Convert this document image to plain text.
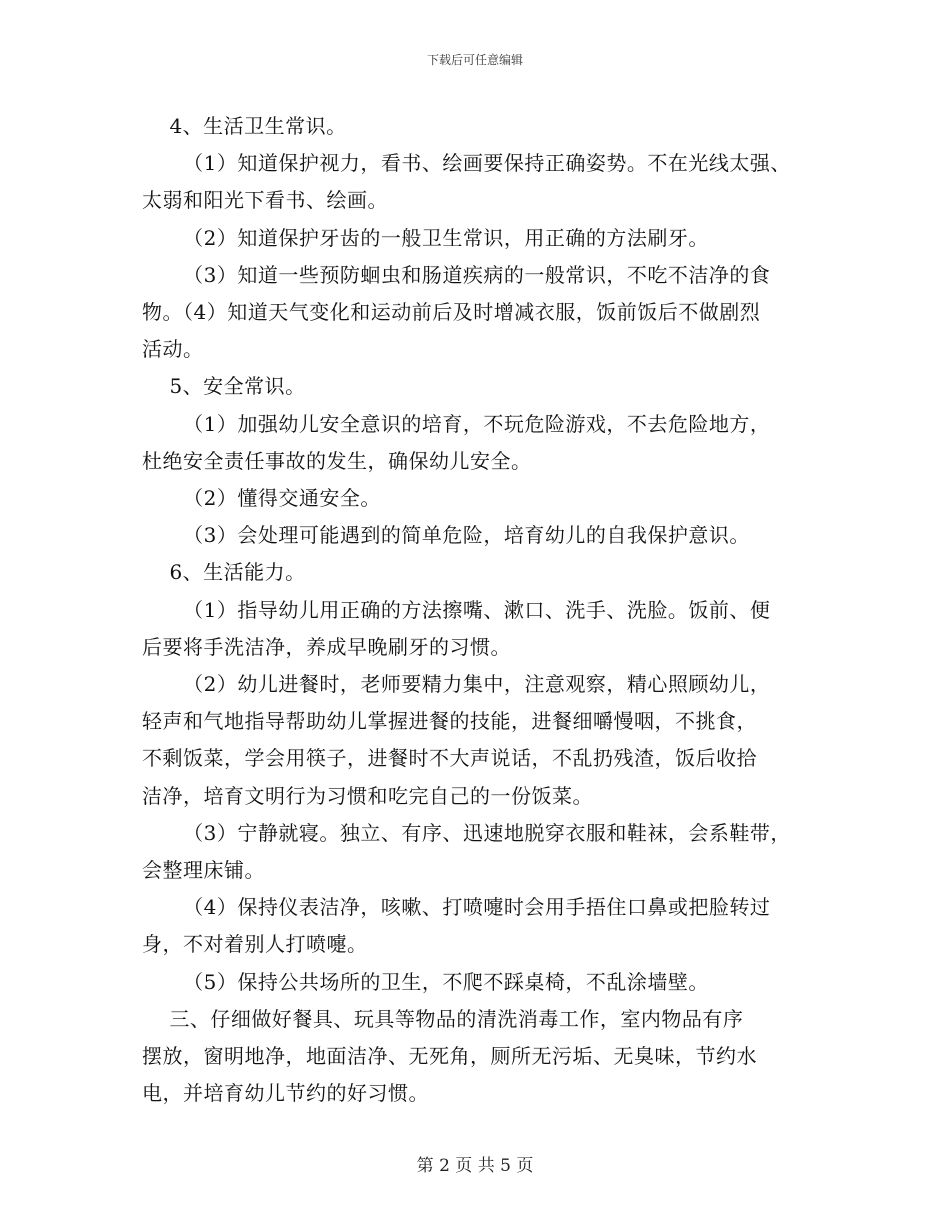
下载后可任意编辑

4、生活卫生常识。

（1）知道保护视力，看书、绘画要保持正确姿势。不在光线太强、

太弱和阳光下看书、绘画。

（2）知道保护牙齿的一般卫生常识，用正确的方法刷牙。

（3）知道一些预防蛔虫和肠道疾病的一般常识，不吃不洁净的食

物。（4）知道天气变化和运动前后及时增减衣服，饭前饭后不做剧烈

活动。

5、安全常识。

（1）加强幼儿安全意识的培育，不玩危险游戏，不去危险地方，

杜绝安全责任事故的发生，确保幼儿安全。

（2）懂得交通安全。

（3）会处理可能遇到的简单危险，培育幼儿的自我保护意识。

6、生活能力。

（1）指导幼儿用正确的方法擦嘴、漱口、洗手、洗脸。饭前、便

后要将手洗洁净，养成早晚刷牙的习惯。

（2）幼儿进餐时，老师要精力集中，注意观察，精心照顾幼儿，

轻声和气地指导帮助幼儿掌握进餐的技能，进餐细嚼慢咽，不挑食，

不剩饭菜，学会用筷子，进餐时不大声说话，不乱扔残渣，饭后收拾

洁净，培育文明行为习惯和吃完自己的一份饭菜。

（3）宁静就寝。独立、有序、迅速地脱穿衣服和鞋袜，会系鞋带，

会整理床铺。

（4）保持仪表洁净，咳嗽、打喷嚏时会用手捂住口鼻或把脸转过

身，不对着别人打喷嚏。

（5）保持公共场所的卫生，不爬不踩桌椅，不乱涂墙壁。

三、仔细做好餐具、玩具等物品的清洗消毒工作，室内物品有序

摆放，窗明地净，地面洁净、无死角，厕所无污垢、无臭味，节约水

电，并培育幼儿节约的好习惯。

第 2 页 共 5 页
